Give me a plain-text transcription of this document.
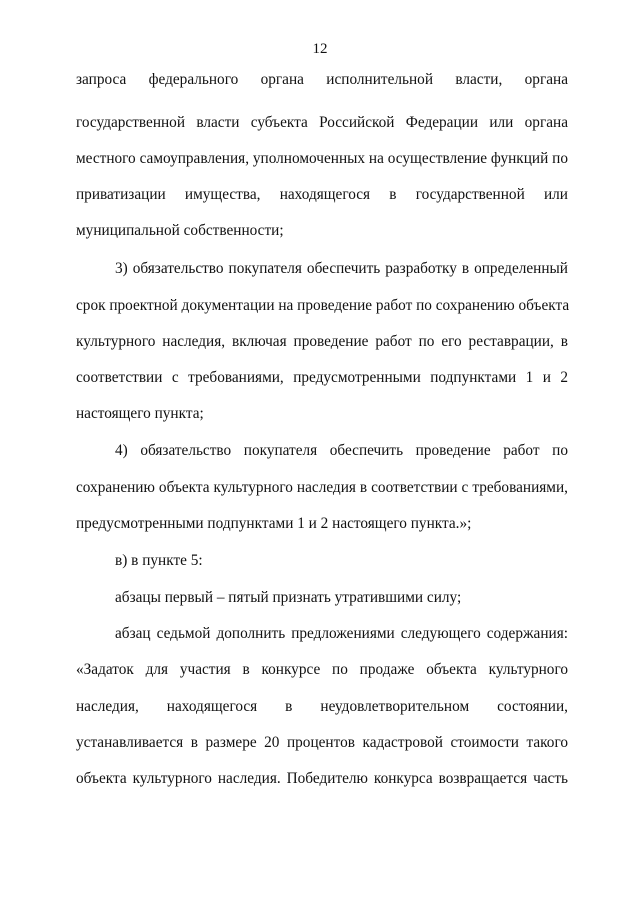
12
запроса федерального органа исполнительной власти, органа
государственной власти субъекта Российской Федерации или органа
местного самоуправления, уполномоченных на осуществление функций по
приватизации имущества, находящегося в государственной или
муниципальной собственности;
3) обязательство покупателя обеспечить разработку в определенный
срок проектной документации на проведение работ по сохранению объекта
культурного наследия, включая проведение работ по его реставрации, в
соответствии с требованиями, предусмотренными подпунктами 1 и 2
настоящего пункта;
4) обязательство покупателя обеспечить проведение работ по
сохранению объекта культурного наследия в соответствии с требованиями,
предусмотренными подпунктами 1 и 2 настоящего пункта.»;
в) в пункте 5:
абзацы первый – пятый признать утратившими силу;
абзац седьмой дополнить предложениями следующего содержания:
«Задаток для участия в конкурсе по продаже объекта культурного
наследия, находящегося в неудовлетворительном состоянии,
устанавливается в размере 20 процентов кадастровой стоимости такого
объекта культурного наследия. Победителю конкурса возвращается часть
